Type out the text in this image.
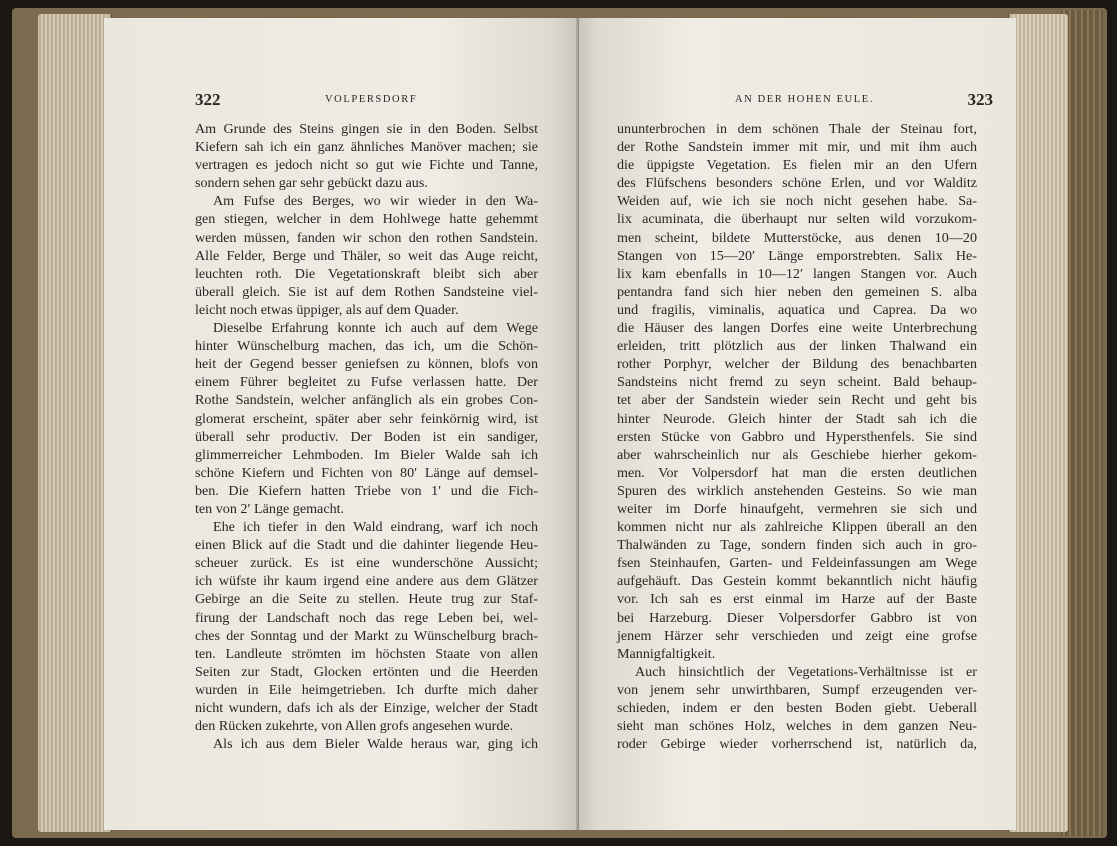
322	VOLPERSDORF
Am Grunde des Steins gingen sie in den Boden. Selbst
Kiefern sah ich ein ganz ähnliches Manöver machen; sie
vertragen es jedoch nicht so gut wie Fichte und Tanne,
sondern sehen gar sehr gebückt dazu aus.
Am Fufse des Berges, wo wir wieder in den Wa-
gen stiegen, welcher in dem Hohlwege hatte gehemmt
werden müssen, fanden wir schon den rothen Sandstein.
Alle Felder, Berge und Thäler, so weit das Auge reicht,
leuchten roth. Die Vegetationskraft bleibt sich aber
überall gleich. Sie ist auf dem Rothen Sandsteine viel-
leicht noch etwas üppiger, als auf dem Quader.
Dieselbe Erfahrung konnte ich auch auf dem Wege
hinter Wünschelburg machen, das ich, um die Schön-
heit der Gegend besser geniefsen zu können, blofs von
einem Führer begleitet zu Fufse verlassen hatte. Der
Rothe Sandstein, welcher anfänglich als ein grobes Con-
glomerat erscheint, später aber sehr feinkörnig wird, ist
überall sehr productiv. Der Boden ist ein sandiger,
glimmerreicher Lehmboden. Im Bieler Walde sah ich
schöne Kiefern und Fichten von 80′ Länge auf demsel-
ben. Die Kiefern hatten Triebe von 1′ und die Fich-
ten von 2′ Länge gemacht.
Ehe ich tiefer in den Wald eindrang, warf ich noch
einen Blick auf die Stadt und die dahinter liegende Heu-
scheuer zurück. Es ist eine wunderschöne Aussicht;
ich wüfste ihr kaum irgend eine andere aus dem Glätzer
Gebirge an die Seite zu stellen. Heute trug zur Staf-
firung der Landschaft noch das rege Leben bei, wel-
ches der Sonntag und der Markt zu Wünschelburg brach-
ten. Landleute strömten im höchsten Staate von allen
Seiten zur Stadt, Glocken ertönten und die Heerden
wurden in Eile heimgetrieben. Ich durfte mich daher
nicht wundern, dafs ich als der Einzige, welcher der Stadt
den Rücken zukehrte, von Allen grofs angesehen wurde.
Als ich aus dem Bieler Walde heraus war, ging ich
AN DER HOHEN EULE.	323
ununterbrochen in dem schönen Thale der Steinau fort,
der Rothe Sandstein immer mit mir, und mit ihm auch
die üppigste Vegetation. Es fielen mir an den Ufern
des Flüfschens besonders schöne Erlen, und vor Walditz
Weiden auf, wie ich sie noch nicht gesehen habe. Sa-
lix acuminata, die überhaupt nur selten wild vorzukom-
men scheint, bildete Mutterstöcke, aus denen 10—20
Stangen von 15—20′ Länge emporstrebten. Salix He-
lix kam ebenfalls in 10—12′ langen Stangen vor. Auch
pentandra fand sich hier neben den gemeinen S. alba
und fragilis, viminalis, aquatica und Caprea. Da wo
die Häuser des langen Dorfes eine weite Unterbrechung
erleiden, tritt plötzlich aus der linken Thalwand ein
rother Porphyr, welcher der Bildung des benachbarten
Sandsteins nicht fremd zu seyn scheint. Bald behaup-
tet aber der Sandstein wieder sein Recht und geht bis
hinter Neurode. Gleich hinter der Stadt sah ich die
ersten Stücke von Gabbro und Hypersthenfels. Sie sind
aber wahrscheinlich nur als Geschiebe hierher gekom-
men. Vor Volpersdorf hat man die ersten deutlichen
Spuren des wirklich anstehenden Gesteins. So wie man
weiter im Dorfe hinaufgeht, vermehren sie sich und
kommen nicht nur als zahlreiche Klippen überall an den
Thalwänden zu Tage, sondern finden sich auch in gro-
fsen Steinhaufen, Garten- und Feldeinfassungen am Wege
aufgehäuft. Das Gestein kommt bekanntlich nicht häufig
vor. Ich sah es erst einmal im Harze auf der Baste
bei Harzeburg. Dieser Volpersdorfer Gabbro ist von
jenem Härzer sehr verschieden und zeigt eine grofse
Mannigfaltigkeit.
Auch hinsichtlich der Vegetations-Verhältnisse ist er
von jenem sehr unwirthbaren, Sumpf erzeugenden ver-
schieden, indem er den besten Boden giebt. Ueberall
sieht man schönes Holz, welches in dem ganzen Neu-
roder Gebirge wieder vorherrschend ist, natürlich da,
